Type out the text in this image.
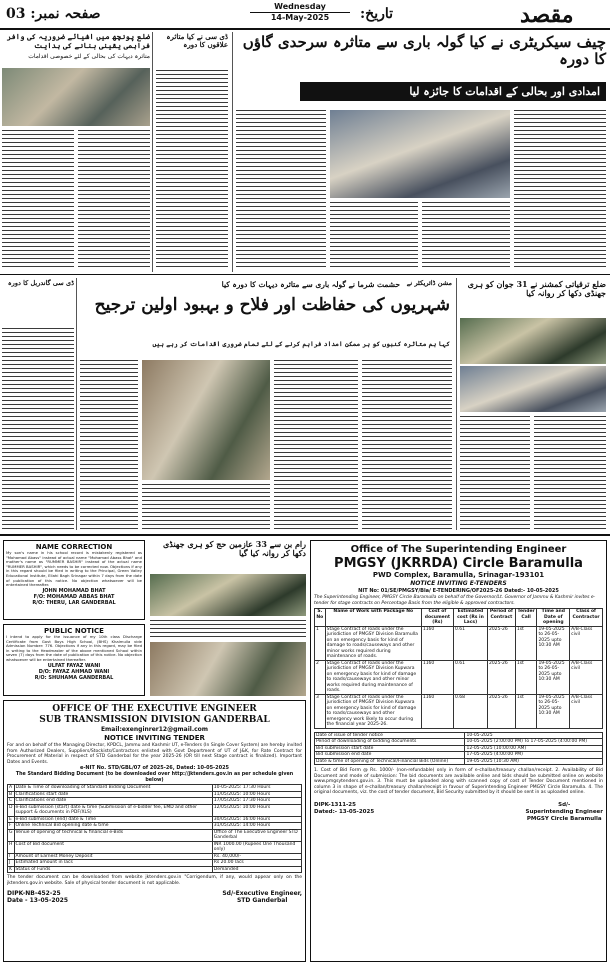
صفحہ نمبر: 03	Wednesday
14-May-2025	تاریخ:	مقصد
ضلع پونچھ میں اشیائے ضروریہ کی وافر فراہمی یقینی بنانے کی ہدایت
متاثرہ دیہات کی بحالی کے لئے خصوصی اقدامات
ڈی سی نے کیا متاثرہ علاقوں کا دورہ چیف سیکریٹری نے کیا گولہ باری سے متاثرہ سرحدی گاؤں کا دورہ
امدادی اور بحالی کے اقدامات کا جائزہ لیا
ڈی سی گاندربل کا دورہ	حشمت شرما نے گولہ باری سے متاثرہ دیہات کا دورہ کیا
شہریوں کی حفاظت اور فلاح و بہبود اولین ترجیح
کہا ہم متاثرہ کنبوں کو ہر ممکن امداد فراہم کرنے کے لئے تمام ضروری اقدامات کر رہے ہیں
مشن ڈائریکٹر نے	ضلع ترقیاتی کمشنر نے 31 جوان کو ہری جھنڈی دکھا کر روانہ کیا
NAME CORRECTION
My son's name in his school record is mistakenly registered as "Mohamad Abass" instead of actual name "Mohamad Abass Bhat" and mother's name as "RUMMER BASHIR" instead of the actual name "RUMMER BASHIR", which needs to be corrected now. Objections if any in this regard should be filed in writing to the Principal, Green Valley Educational Institute, Ellahi Bagh Srinagar within 7 days from the date of publication of this notice. No objection whatsoever will be entertained thereafter.
JOHN MOHAMAD BHAT
F/O: MOHAMAD ABBAS BHAT
R/O: THERU, LAR GANDERBAL
PUBLIC NOTICE
I intend to apply for the issuance of my 10th class Discharge Certificate from Govt Boys High School, (BHS) Khalmulla vide Admission Number: 776. Objections if any in this regard, may be filed in writing to the Headmaster of the above mentioned School within seven (7) days from the date of publication of this notice. No objection whatsoever will be entertained thereafter.
ULFAT FAYAZ WANI
D/O: FAYAZ AHMAD WANI
R/O: SHUHAMA GANDERBAL
رام بن سے 33 عازمین حج کو ہری جھنڈی دکھا کر روانہ کیا گیا
OFFICE OF THE EXECUTIVE ENGINEER
SUB TRANSMISSION DIVISION GANDERBAL
Email:exenginrer12@gmail.com
NOTICE INVITING TENDER
For and on behalf of the Managing Director, KPDCL, Jammu and Kashmir UT, e-Tenders (In Single Cover System) are hereby invited from Authorized Dealers, Suppliers/Stockists/Contractors enlisted with Govt Department of UT of J&K, for Rate Contract for Procurement of Material in respect of STD Ganderbal for the year 2025-26 (OR till next Stage contract is finalized). Important Dates and Events.
e-NIT No. STD/GBL/07 of 2025-26, Dated: 10-05-2025
The Standard Bidding Document (to be downloaded over http://jktenders.gov.in as per schedule given below)
A	Date & Time of downloading of Standard Bidding Document	10-05-2025: 17:30 Hours
B	Clarifications start date	11/05/2025: 10:00 Hours
C	Clarifications end date	17/05/2025: 17:30 Hours
D	e-Bid submission (start) date & time (Submission of e-bidder fee, EMD and other support & documents in PDF/XLS)	12/05/2025: 10:00 Hours
E	e-Bid submission (end) date & Time	30/05/2025: 16:00 Hours
F	Online Technical Bid opening date & time	31/05/2025: 14:00 Hours
G	Venue of opening of technical & financial e-Bids	Office of The Executive Engineer STD Ganderbal
H	Cost of Bid document	INR 1000.00 (Rupees One Thousand only)
I	Amount of Earnest Money Deposit	Rs. 40,000/-
J	Estimated amount in lacs	Rs 20.00 lacs
K	Status of Funds	Demanded
The tender document can be downloaded from website jktenders.gov.in "Corrigendum, if any, would appear only on the jktenders.gov.in website. Sale of physical tender document is not applicable.
DIPK-NB-452-25
Date - 13-05-2025
Sd/-Executive Engineer,
STD Ganderbal
Office of The Superintending Engineer
PMGSY (JKRRDA) Circle Baramulla
PWD Complex, Baramulla, Srinagar-193101
NOTICE INVITING E-TENDERS
NIT No: 01/SE/PMGSY/Bla/ E-TENDERING/OF2025-26 Dated:- 10-05-2025
The Superintending Engineer, PMGSY Circle Baramulla on behalf of the Governor/Lt. Governor of Jammu & Kashmir invites e-tender for stage contracts on Percentage Basis from the eligible & approved contractors.
S. No	Name of Work with Package No	Cost of document (Rs)	Estimated cost (Rs in Lacs)	Period of Contract	Tender Call	Time and Date of opening	Class of Contractor
1	Stage Contract of roads under the jurisdiction of PMGSY Division Baramulla on an emergency basis for kind of damage to roads/causeways and other minor works required during maintenance of roads.	1160	0.61	2025-26	1st	19-05-2025 to 26-05-2025 upto 10:30 AM	A/B-Class civil
2	Stage Contract of roads under the jurisdiction of PMGSY Division Kupwara on emergency basis for kind of damage to roads/causeways and other minor works required during maintenance of roads.	1160	0.61	2025-26	1st	19-05-2025 to 26-05-2025 upto 10:30 AM	A/B-Class civil
3	Stage Contract of roads under the jurisdiction of PMGSY Division Kupwara on emergency basis for kind of damage to roads/causeways and other emergency work likely to occur during the financial year 2025-26.	1160	0.68	2025-26	1st	19-05-2025 to 26-05-2025 upto 10:30 AM	A/B-Class civil
Date of issue of tender notice	10-05-2025
Period of downloading of bidding documents	10-05-2025 (2:00:00 PM) To 17-05-2025 (4:00:00 PM)
Bid submission start date	12-05-2025 (10:00:00 AM)
Bid submission end date	17-05-2025 (4:00:00 PM)
Date & time of opening of Technical/Financial Bids (Online)	19-05-2025 (10:30 AM)
1. Cost of Bid Form @ Rs. 1000/- (non-refundable) only in form of e-challan/treasury challan/receipt. 2. Availability of Bid Document and mode of submission: The bid documents are available online and bids should be submitted online on website www.pmgsytenders.gov.in. 3. This must be uploaded along with scanned copy of cost of Tender Document mentioned in column 3 in shape of e-challan/treasury challan/receipt in favour of Superintending Engineer PMGSY Circle Baramulla. 4. The original documents, viz. the cost of tender document, Bid Security submitted by it should be sent in as uploaded online.
DIPK-1311-25
Dated:- 13-05-2025
Sd/-
Superintending Engineer
PMGSY Circle Baramulla
